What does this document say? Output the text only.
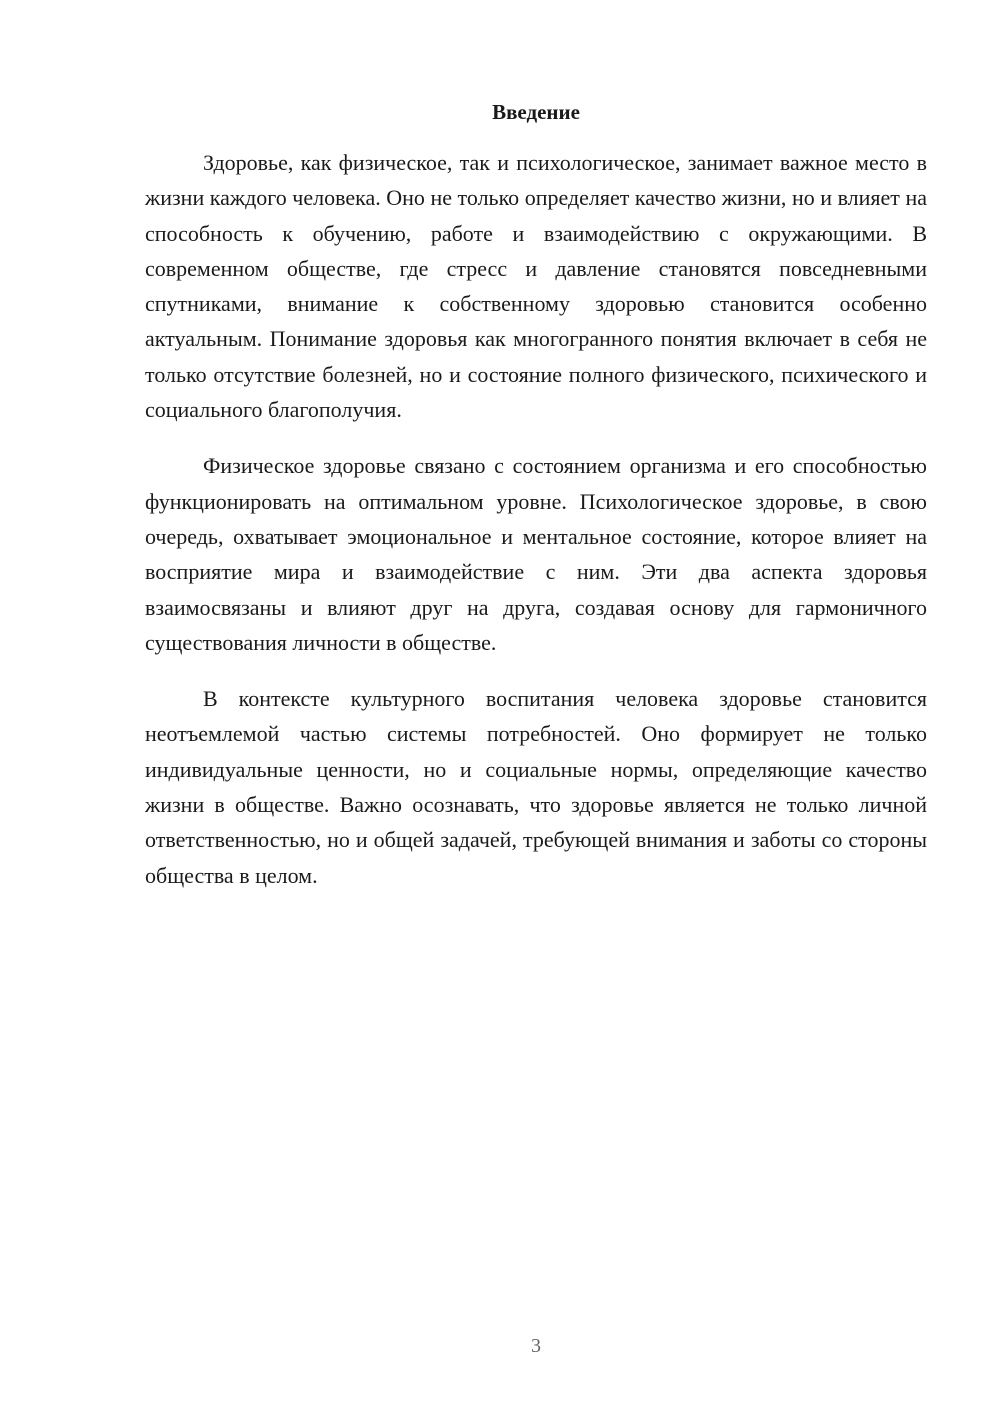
Введение

Здоровье, как физическое, так и психологическое, занимает важное место в жизни каждого человека. Оно не только определяет качество жизни, но и влияет на способность к обучению, работе и взаимодействию с окружающими. В современном обществе, где стресс и давление становятся повседневными спутниками, внимание к собственному здоровью становится особенно актуальным. Понимание здоровья как многогранного понятия включает в себя не только отсутствие болезней, но и состояние полного физического, психического и социального благополучия.

Физическое здоровье связано с состоянием организма и его способностью функционировать на оптимальном уровне. Психологическое здоровье, в свою очередь, охватывает эмоциональное и ментальное состояние, которое влияет на восприятие мира и взаимодействие с ним. Эти два аспекта здоровья взаимосвязаны и влияют друг на друга, создавая основу для гармоничного существования личности в обществе.

В контексте культурного воспитания человека здоровье становится неотъемлемой частью системы потребностей. Оно формирует не только индивидуальные ценности, но и социальные нормы, определяющие качество жизни в обществе. Важно осознавать, что здоровье является не только личной ответственностью, но и общей задачей, требующей внимания и заботы со стороны общества в целом.

3
